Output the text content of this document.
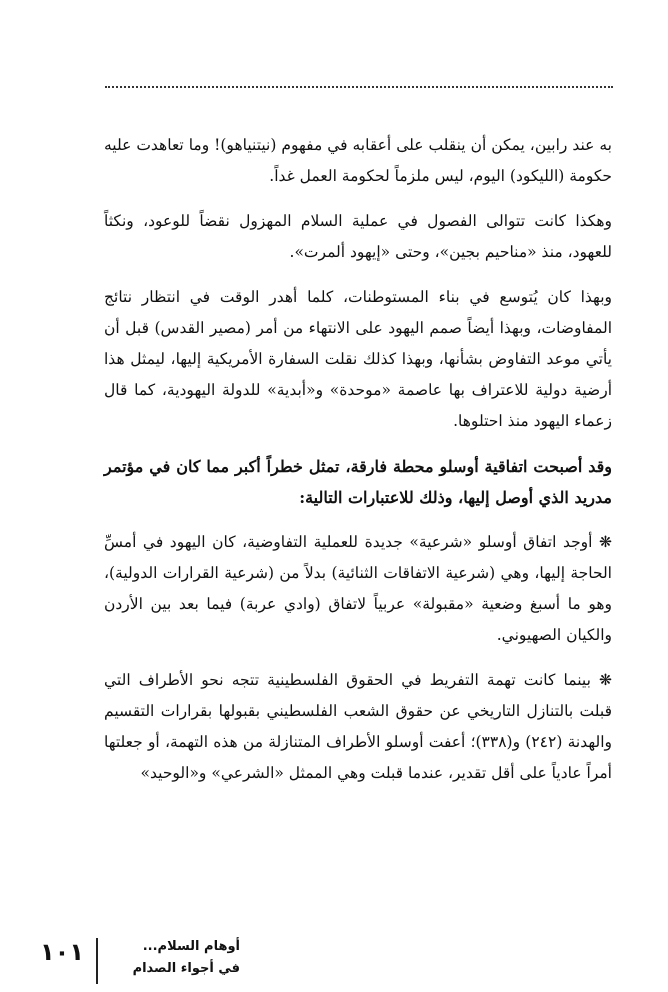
به عند رابين، يمكن أن ينقلب على أعقابه في مفهوم (نيتنياهو)! وما تعاهدت عليه حكومة (الليكود) اليوم، ليس ملزماً لحكومة العمل غداً.

وهكذا كانت تتوالى الفصول في عملية السلام المهزول نقضاً للوعود، ونكثاً للعهود، منذ «مناحيم بجين»، وحتى «إيهود ألمرت».

وبهذا كان يُتوسع في بناء المستوطنات، كلما أهدر الوقت في انتظار نتائج المفاوضات، وبهذا أيضاً صمم اليهود على الانتهاء من أمر (مصير القدس) قبل أن يأتي موعد التفاوض بشأنها، وبهذا كذلك نقلت السفارة الأمريكية إليها، ليمثل هذا أرضية دولية للاعتراف بها عاصمة «موحدة» و«أبدية» للدولة اليهودية، كما قال زعماء اليهود منذ احتلوها.

وقد أصبحت اتفاقية أوسلو محطة فارقة، تمثل خطراً أكبر مما كان في مؤتمر مدريد الذي أوصل إليها، وذلك للاعتبارات التالية:

❋ أوجد اتفاق أوسلو «شرعية» جديدة للعملية التفاوضية، كان اليهود في أمسِّ الحاجة إليها، وهي (شرعية الاتفاقات الثنائية) بدلاً من (شرعية القرارات الدولية)، وهو ما أسبغ وضعية «مقبولة» عربياً لاتفاق (وادي عربة) فيما بعد بين الأردن والكيان الصهيوني.

❋ بينما كانت تهمة التفريط في الحقوق الفلسطينية تتجه نحو الأطراف التي قبلت بالتنازل التاريخي عن حقوق الشعب الفلسطيني بقبولها بقرارات التقسيم والهدنة (٢٤٢) و(٣٣٨)؛ أعفت أوسلو الأطراف المتنازلة من هذه التهمة، أو جعلتها أمراً عادياً على أقل تقدير، عندما قبلت وهي الممثل «الشرعي» و«الوحيد»

١٠١	أوهام السلام...
في أجواء الصدام
